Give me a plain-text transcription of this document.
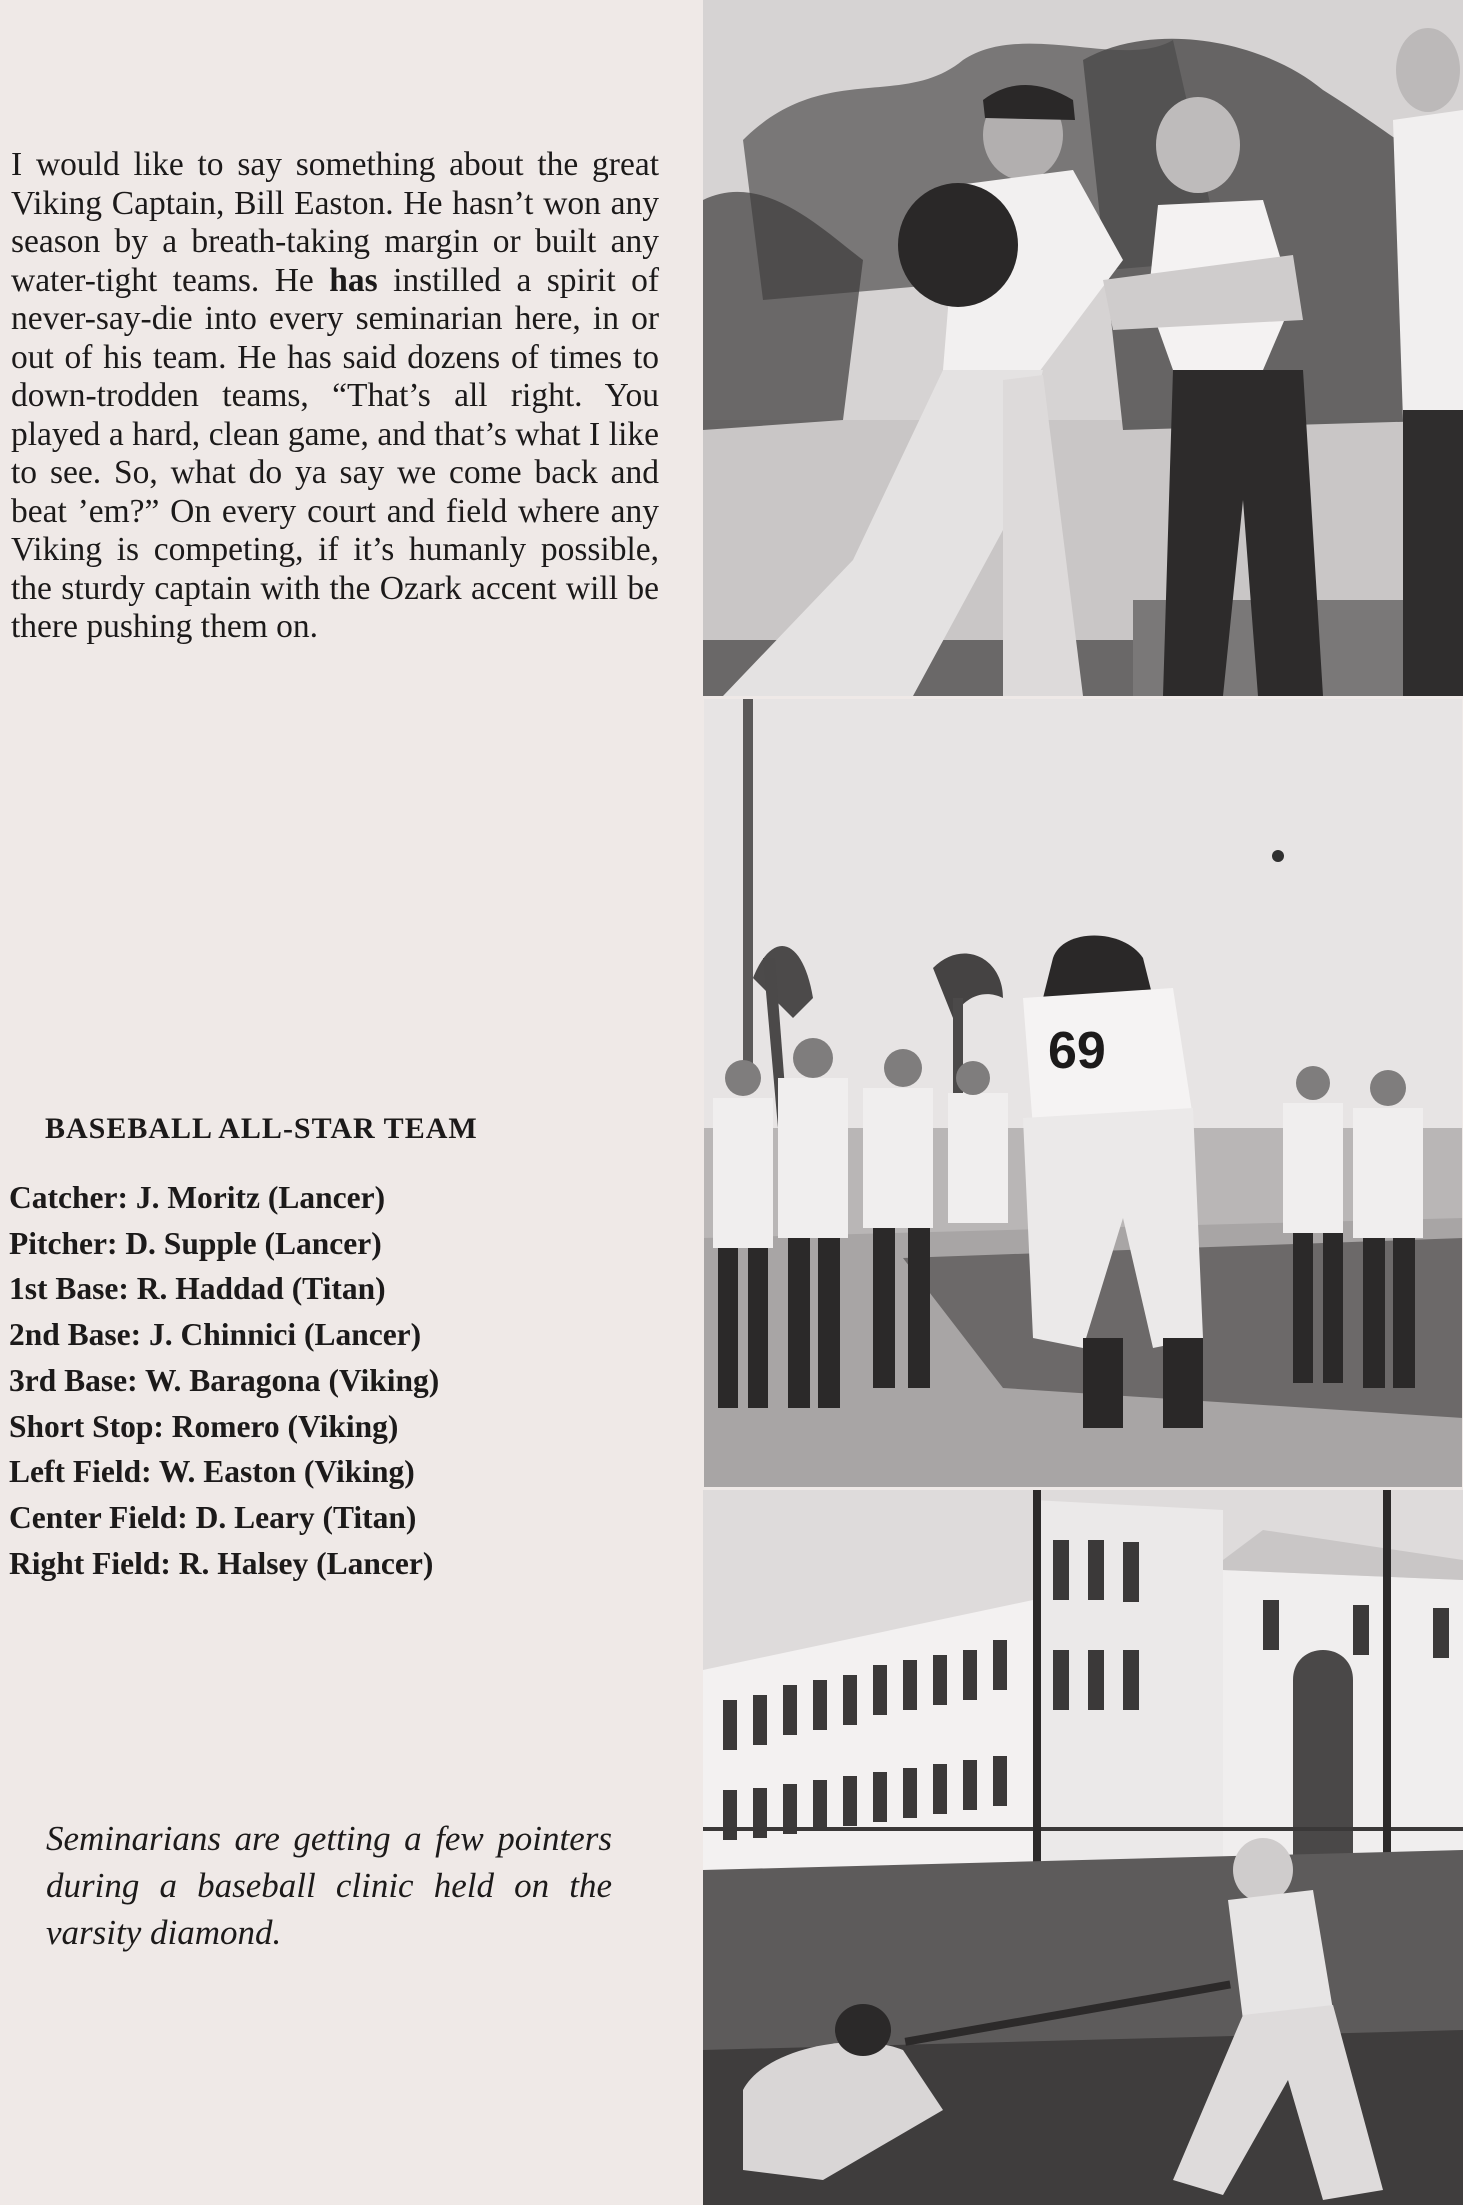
I would like to say something about the great Viking Captain, Bill Easton. He hasn’t won any season by a breath-taking margin or built any water-tight teams. He has instilled a spirit of never-say-die into every seminarian here, in or out of his team. He has said dozens of times to down-trodden teams, “That’s all right. You played a hard, clean game, and that’s what I like to see. So, what do ya say we come back and beat ’em?” On every court and field where any Viking is competing, if it’s humanly possible, the sturdy captain with the Ozark accent will be there pushing them on.

BASEBALL ALL-STAR TEAM
Catcher: J. Moritz (Lancer)
Pitcher: D. Supple (Lancer)
1st Base: R. Haddad (Titan)
2nd Base: J. Chinnici (Lancer)
3rd Base: W. Baragona (Viking)
Short Stop: Romero (Viking)
Left Field: W. Easton (Viking)
Center Field: D. Leary (Titan)
Right Field: R. Halsey (Lancer)
Seminarians are getting a few pointers during a baseball clinic held on the varsity diamond.
69
